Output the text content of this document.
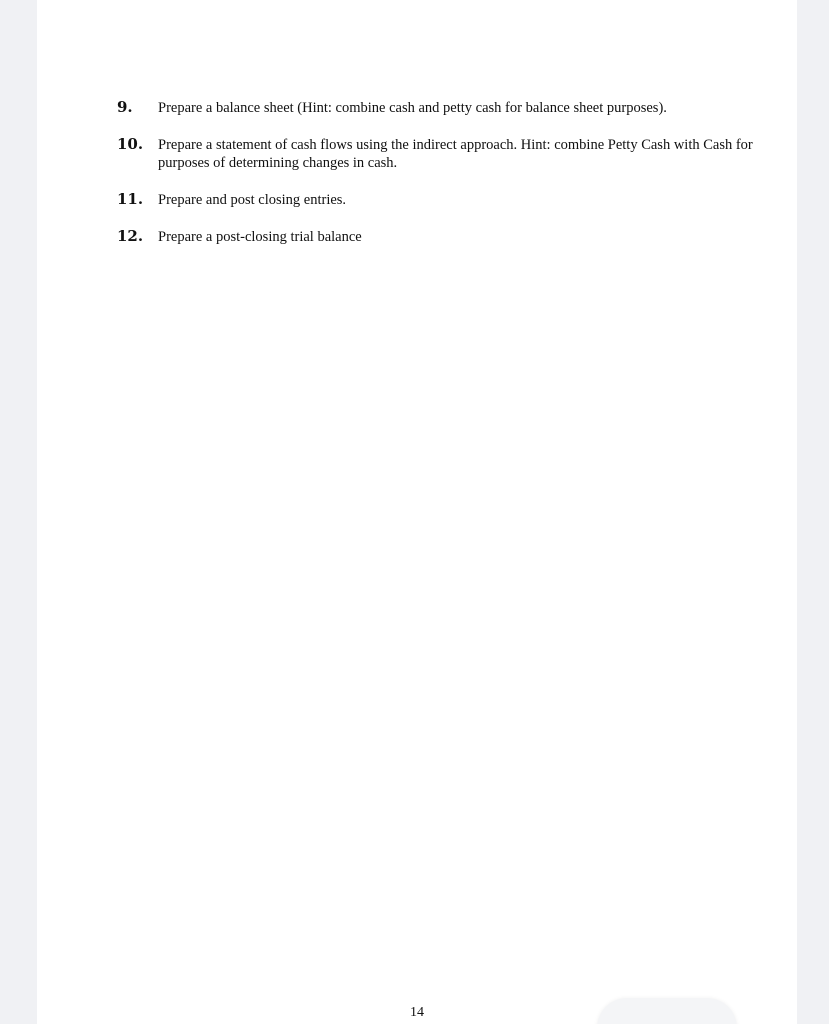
9. Prepare a balance sheet (Hint: combine cash and petty cash for balance sheet purposes).
10. Prepare a statement of cash flows using the indirect approach. Hint: combine Petty Cash with Cash for purposes of determining changes in cash.
11. Prepare and post closing entries.
12. Prepare a post-closing trial balance
14
